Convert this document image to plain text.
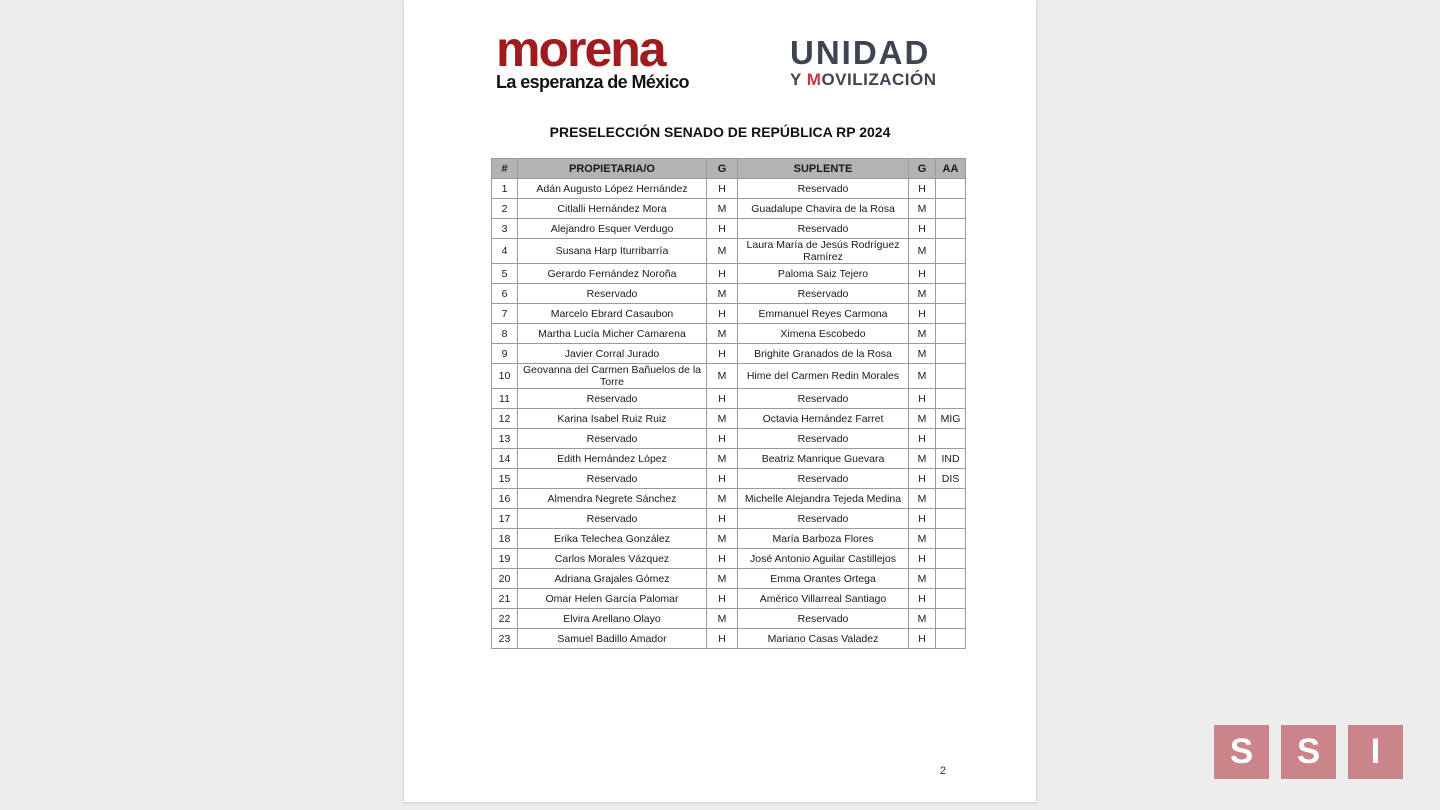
morena
La esperanza de México
UNIDAD
Y MOVILIZACIÓN
PRESELECCIÓN SENADO DE REPÚBLICA RP 2024
#	PROPIETARIA/O	G	SUPLENTE	G	AA
1	Adán Augusto López Hernández	H	Reservado	H	
2	Citlalli Hernández Mora	M	Guadalupe Chavira de la Rosa	M	
3	Alejandro Esquer Verdugo	H	Reservado	H	
4	Susana Harp Iturribarría	M	Laura María de Jesús Rodríguez Ramírez	M	
5	Gerardo Fernández Noroña	H	Paloma Saiz Tejero	H	
6	Reservado	M	Reservado	M	
7	Marcelo Ebrard Casaubon	H	Emmanuel Reyes Carmona	H	
8	Martha Lucía Micher Camarena	M	Ximena Escobedo	M	
9	Javier Corral Jurado	H	Brighite Granados de la Rosa	M	
10	Geovanna del Carmen Bañuelos de la Torre	M	Hime del Carmen Redin Morales	M	
11	Reservado	H	Reservado	H	
12	Karina Isabel Ruiz Ruiz	M	Octavia Hernández Farret	M	MIG
13	Reservado	H	Reservado	H	
14	Edith Hernández López	M	Beatriz Manrique Guevara	M	IND
15	Reservado	H	Reservado	H	DIS
16	Almendra Negrete Sánchez	M	Michelle Alejandra Tejeda Medina	M	
17	Reservado	H	Reservado	H	
18	Erika Telechea González	M	María Barboza Flores	M	
19	Carlos Morales Vázquez	H	José Antonio Aguilar Castillejos	H	
20	Adriana Grajales Gómez	M	Emma Orantes Ortega	M	
21	Omar Helen García Palomar	H	Américo Villarreal Santiago	H	
22	Elvira Arellano Olayo	M	Reservado	M	
23	Samuel Badillo Amador	H	Mariano Casas Valadez	H	
2	S	S	I
